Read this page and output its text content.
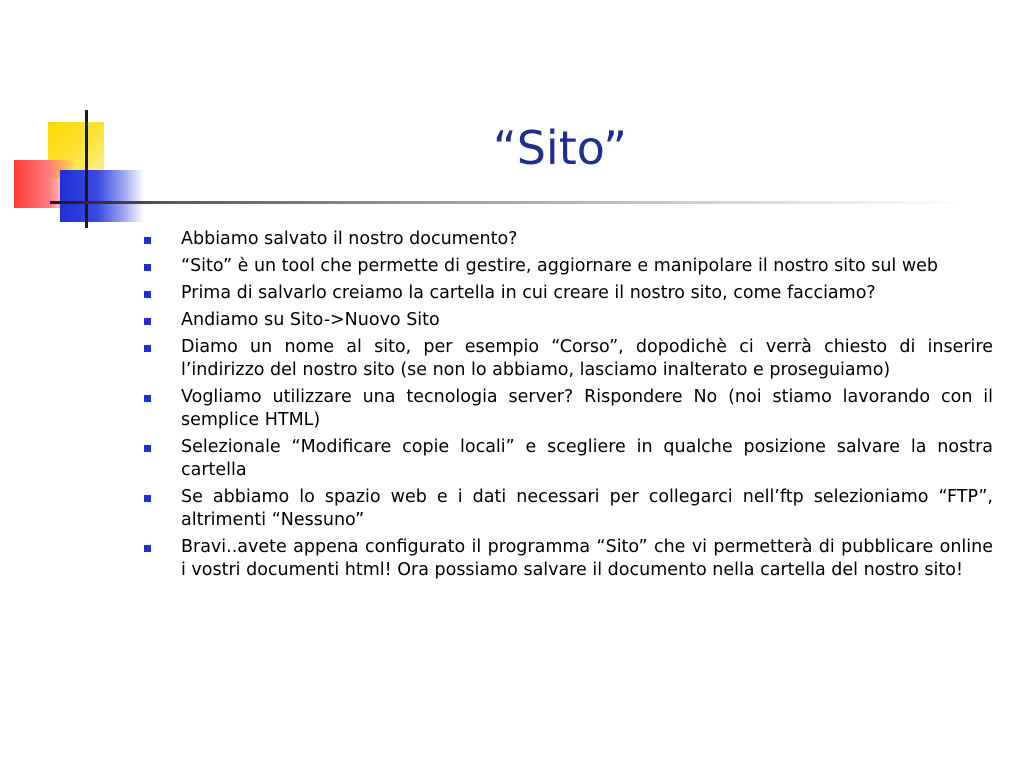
“Sito”
Abbiamo salvato il nostro documento?
“Sito” è un tool che permette di gestire, aggiornare e manipolare il nostro sito sul web
Prima di salvarlo creiamo la cartella in cui creare il nostro sito, come facciamo?
Andiamo su Sito->Nuovo Sito
Diamo un nome al sito, per esempio “Corso”, dopodichè ci verrà chiesto di inserire l’indirizzo del nostro sito (se non lo abbiamo, lasciamo inalterato e proseguiamo)
Vogliamo utilizzare una tecnologia server? Rispondere No (noi stiamo lavorando con il semplice HTML)
Selezionale “Modificare copie locali” e scegliere in qualche posizione salvare la nostra cartella
Se abbiamo lo spazio web e i dati necessari per collegarci nell’ftp selezioniamo “FTP”, altrimenti “Nessuno”
Bravi..avete appena configurato il programma “Sito” che vi permetterà di pubblicare online i vostri documenti html! Ora possiamo salvare il documento nella cartella del nostro sito!
